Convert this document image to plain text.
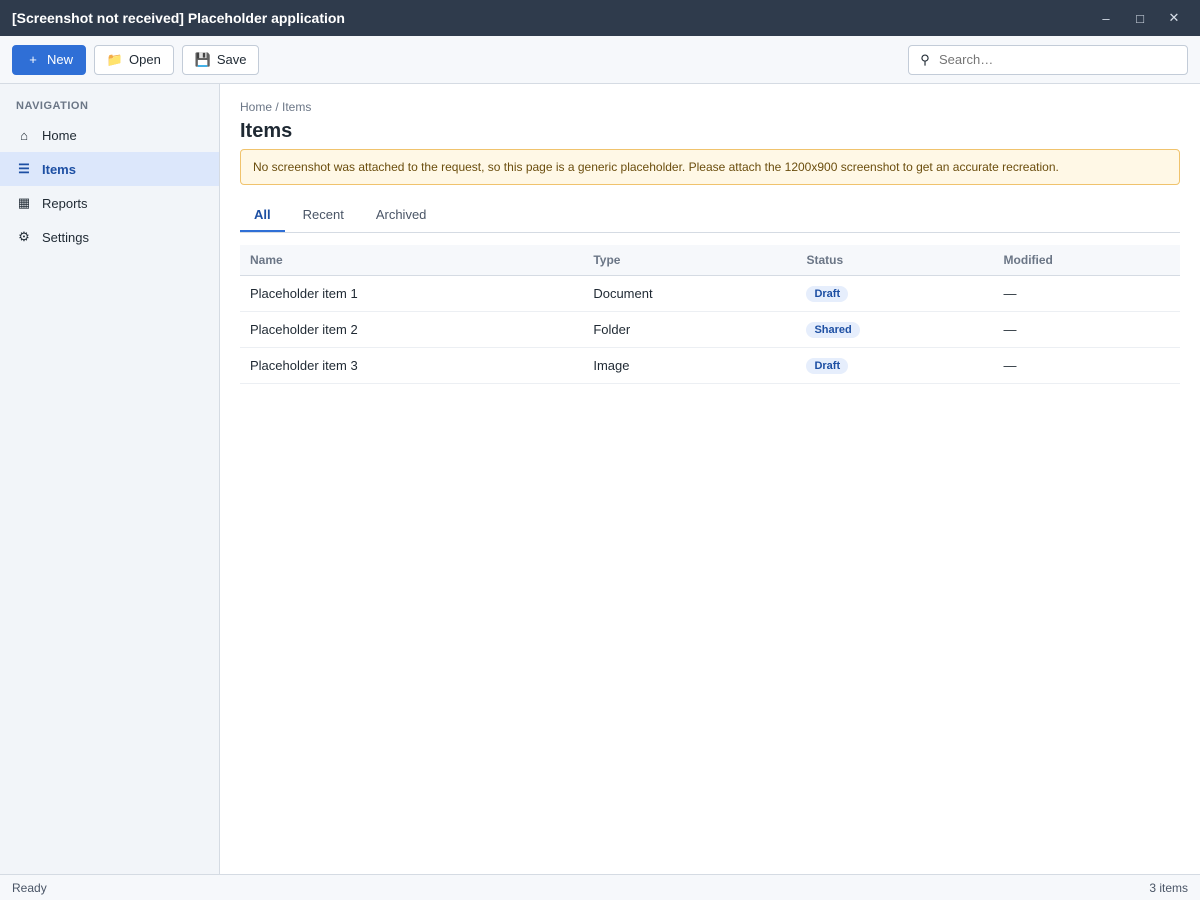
[Screenshot not received] Placeholder application	–	□	✕
+ New	📁 Open	💾 Save	⚲
Search…
NAVIGATION
⌂	Home
☰ Items
▦ Reports
⚙ Settings
Home / Items
Items
No screenshot was attached to the request, so this page is a generic placeholder. Please attach the 1200x900 screenshot to get an accurate recreation.
All	Recent	Archived
Name	Type	Status	Modified
Placeholder item 1	Document	Draft	—
Placeholder item 2	Folder	Shared	—
Placeholder item 3	Image	Draft	—
Ready	3 items
